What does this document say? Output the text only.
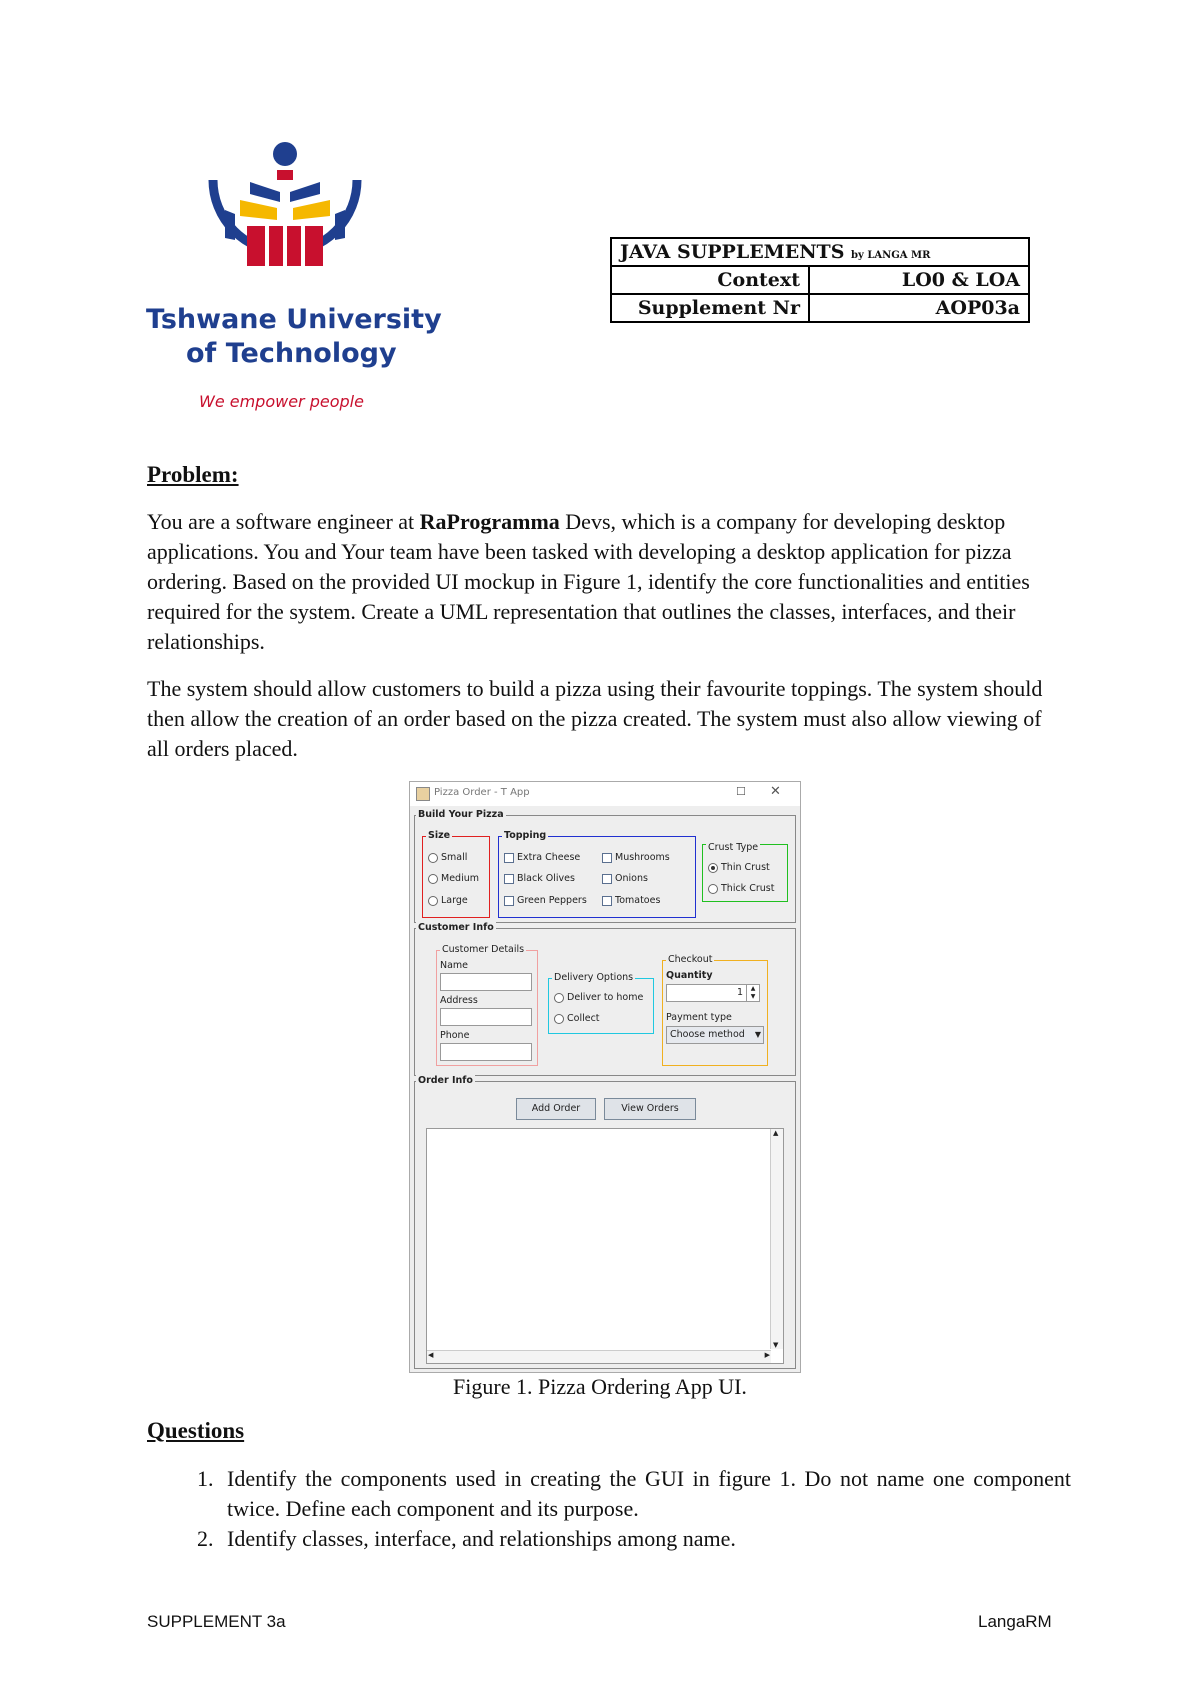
Tshwane University
of Technology
We empower people
JAVA SUPPLEMENTS by LANGA MR	
Context	LO0 & LOA
Supplement Nr	AOP03a
Problem:
You are a software engineer at RaProgramma Devs, which is a company for developing desktop applications. You and Your team have been tasked with developing a desktop application for pizza ordering. Based on the provided UI mockup in Figure 1, identify the core functionalities and entities required for the system. Create a UML representation that outlines the classes, interfaces, and their relationships.
The system should allow customers to build a pizza using their favourite toppings. The system should then allow the creation of an order based on the pizza created. The system must also allow viewing of all orders placed.
Pizza Order - T App	☐ ✕
Build Your Pizza
Size
Small
Medium
Large
Topping
Extra Cheese
Black Olives
Green Peppers
Mushrooms
Onions
Tomatoes
Crust Type
Thin Crust
Thick Crust
Customer Info
Customer Details
Name
Address
Phone
Delivery Options
Deliver to home
Collect
Checkout
Quantity
1	▲
▼
Payment type
Choose method ▼
Order Info
Add Order	View Orders
▲
▼
◀	▶
Figure 1. Pizza Ordering App UI.
Questions
1. Identify the components used in creating the GUI in figure 1. Do not name one component twice. Define each component and its purpose.
2. Identify classes, interface, and relationships among name.
SUPPLEMENT 3a	LangaRM
